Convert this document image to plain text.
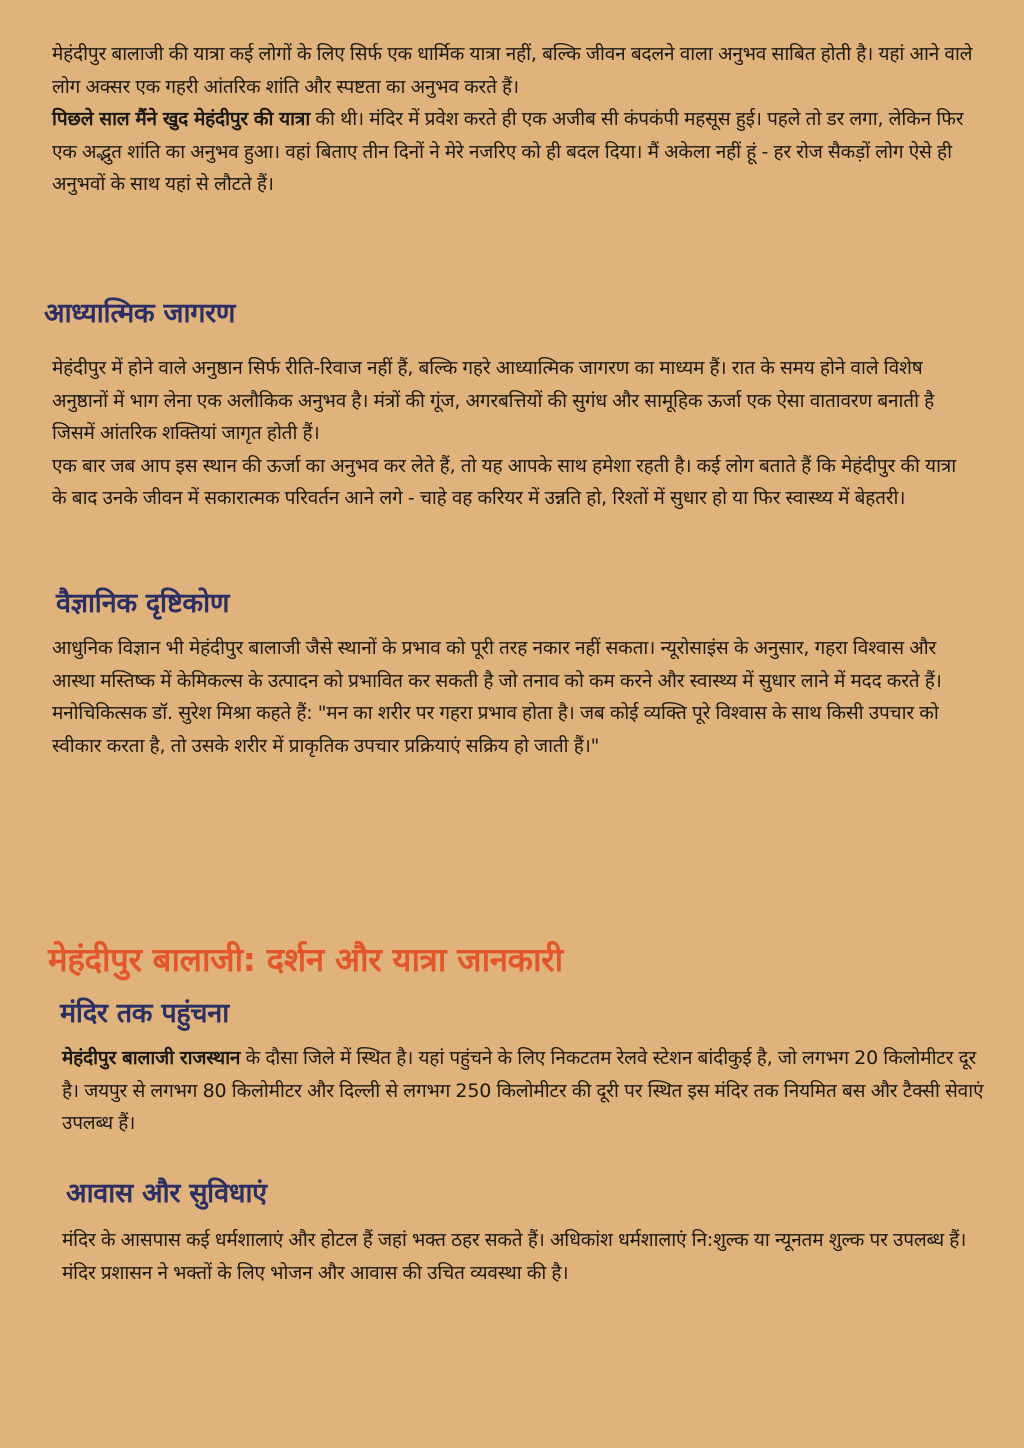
मेहंदीपुर बालाजी की यात्रा कई लोगों के लिए सिर्फ एक धार्मिक यात्रा नहीं, बल्कि जीवन बदलने वाला अनुभव साबित होती है। यहां आने वाले लोग अक्सर एक गहरी आंतरिक शांति और स्पष्टता का अनुभव करते हैं।
पिछले साल मैंने खुद मेहंदीपुर की यात्रा की थी। मंदिर में प्रवेश करते ही एक अजीब सी कंपकंपी महसूस हुई। पहले तो डर लगा, लेकिन फिर एक अद्भुत शांति का अनुभव हुआ। वहां बिताए तीन दिनों ने मेरे नजरिए को ही बदल दिया। मैं अकेला नहीं हूं - हर रोज सैकड़ों लोग ऐसे ही अनुभवों के साथ यहां से लौटते हैं।

आध्यात्मिक जागरण

मेहंदीपुर में होने वाले अनुष्ठान सिर्फ रीति-रिवाज नहीं हैं, बल्कि गहरे आध्यात्मिक जागरण का माध्यम हैं। रात के समय होने वाले विशेष अनुष्ठानों में भाग लेना एक अलौकिक अनुभव है। मंत्रों की गूंज, अगरबत्तियों की सुगंध और सामूहिक ऊर्जा एक ऐसा वातावरण बनाती है जिसमें आंतरिक शक्तियां जागृत होती हैं।

एक बार जब आप इस स्थान की ऊर्जा का अनुभव कर लेते हैं, तो यह आपके साथ हमेशा रहती है। कई लोग बताते हैं कि मेहंदीपुर की यात्रा के बाद उनके जीवन में सकारात्मक परिवर्तन आने लगे - चाहे वह करियर में उन्नति हो, रिश्तों में सुधार हो या फिर स्वास्थ्य में बेहतरी।

वैज्ञानिक दृष्टिकोण

आधुनिक विज्ञान भी मेहंदीपुर बालाजी जैसे स्थानों के प्रभाव को पूरी तरह नकार नहीं सकता। न्यूरोसाइंस के अनुसार, गहरा विश्वास और आस्था मस्तिष्क में केमिकल्स के उत्पादन को प्रभावित कर सकती है जो तनाव को कम करने और स्वास्थ्य में सुधार लाने में मदद करते हैं।

मनोचिकित्सक डॉ. सुरेश मिश्रा कहते हैं: "मन का शरीर पर गहरा प्रभाव होता है। जब कोई व्यक्ति पूरे विश्वास के साथ किसी उपचार को स्वीकार करता है, तो उसके शरीर में प्राकृतिक उपचार प्रक्रियाएं सक्रिय हो जाती हैं।"

मेहंदीपुर बालाजी: दर्शन और यात्रा जानकारी
मंदिर तक पहुंचना

मेहंदीपुर बालाजी राजस्थान के दौसा जिले में स्थित है। यहां पहुंचने के लिए निकटतम रेलवे स्टेशन बांदीकुई है, जो लगभग 20 किलोमीटर दूर है। जयपुर से लगभग 80 किलोमीटर और दिल्ली से लगभग 250 किलोमीटर की दूरी पर स्थित इस मंदिर तक नियमित बस और टैक्सी सेवाएं उपलब्ध हैं।

आवास और सुविधाएं

मंदिर के आसपास कई धर्मशालाएं और होटल हैं जहां भक्त ठहर सकते हैं। अधिकांश धर्मशालाएं नि:शुल्क या न्यूनतम शुल्क पर उपलब्ध हैं। मंदिर प्रशासन ने भक्तों के लिए भोजन और आवास की उचित व्यवस्था की है।
